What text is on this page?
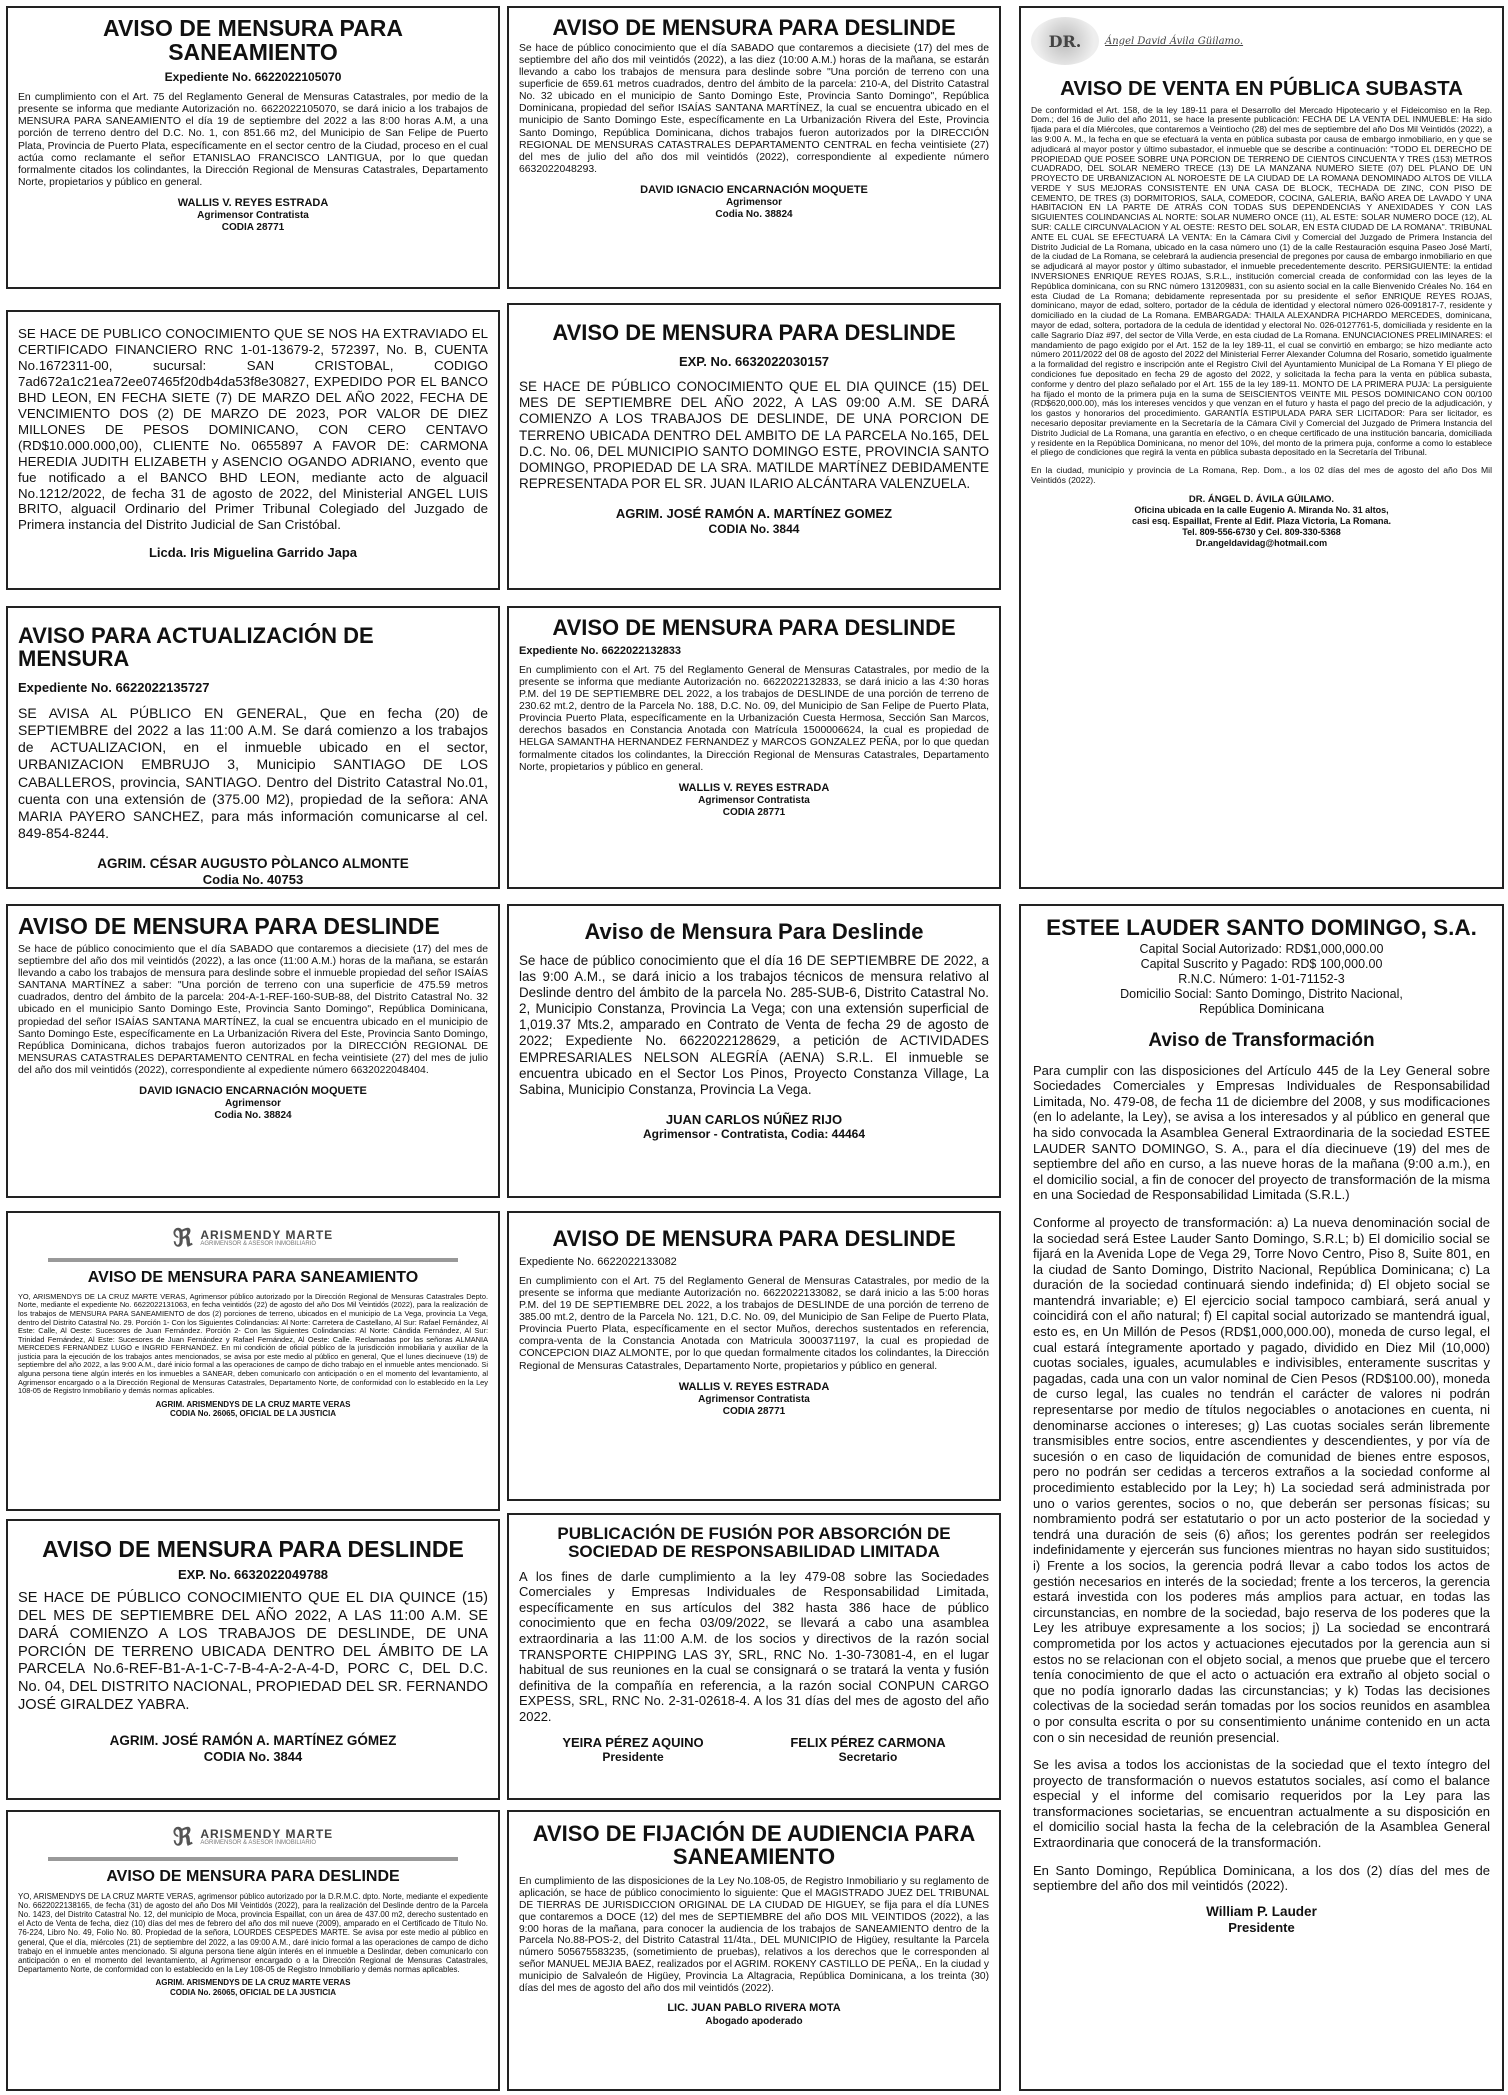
AVISO DE MENSURA PARA SANEAMIENTO
Expediente No. 6622022105070
En cumplimiento con el Art. 75 del Reglamento General de Mensuras Catastrales, por medio de la presente se informa que mediante Autorización no. 6622022105070, se dará inicio a los trabajos de MENSURA PARA SANEAMIENTO el día 19 de septiembre del 2022 a las 8:00 horas A.M, a una porción de terreno dentro del D.C. No. 1, con 851.66 m2, del Municipio de San Felipe de Puerto Plata, Provincia de Puerto Plata, específicamente en el sector centro de la Ciudad, proceso en el cual actúa como reclamante el señor ETANISLAO FRANCISCO LANTIGUA, por lo que quedan formalmente citados los colindantes, la Dirección Regional de Mensuras Catastrales, Departamento Norte, propietarios y público en general.
WALLIS V. REYES ESTRADA
Agrimensor Contratista
CODIA 28771
SE HACE DE PUBLICO CONOCIMIENTO QUE SE NOS HA EXTRAVIADO EL CERTIFICADO FINANCIERO RNC 1-01-13679-2, 572397, No. B, CUENTA No.1672311-00, sucursal: SAN CRISTOBAL, CODIGO 7ad672a1c21ea72ee07465f20db4da53f8e30827, EXPEDIDO POR EL BANCO BHD LEON, EN FECHA SIETE (7) DE MARZO DEL AÑO 2022, FECHA DE VENCIMIENTO DOS (2) DE MARZO DE 2023, POR VALOR DE DIEZ MILLONES DE PESOS DOMINICANO, CON CERO CENTAVO (RD$10.000.000,00), CLIENTE No. 0655897 A FAVOR DE: CARMONA HEREDIA JUDITH ELIZABETH y ASENCIO OGANDO ADRIANO, evento que fue notificado a el BANCO BHD LEON, mediante acto de alguacil No.1212/2022, de fecha 31 de agosto de 2022, del Ministerial ANGEL LUIS BRITO, alguacil Ordinario del Primer Tribunal Colegiado del Juzgado de Primera instancia del Distrito Judicial de San Cristóbal.
Licda. Iris Miguelina Garrido Japa
AVISO PARA ACTUALIZACIÓN DE MENSURA
Expediente No. 6622022135727
SE AVISA AL PÚBLICO EN GENERAL, Que en fecha (20) de SEPTIEMBRE del 2022 a las 11:00 A.M. Se dará comienzo a los trabajos de ACTUALIZACION, en el inmueble ubicado en el sector, URBANIZACION EMBRUJO 3, Municipio SANTIAGO DE LOS CABALLEROS, provincia, SANTIAGO. Dentro del Distrito Catastral No.01, cuenta con una extensión de (375.00 M2), propiedad de la señora: ANA MARIA PAYERO SANCHEZ, para más información comunicarse al cel. 849-854-8244.
AGRIM. CÉSAR AUGUSTO PÒLANCO ALMONTE
Codia No. 40753
AVISO DE MENSURA PARA DESLINDE
Se hace de público conocimiento que el día SABADO que contaremos a diecisiete (17) del mes de septiembre del año dos mil veintidós (2022), a las once (11:00 A.M.) horas de la mañana, se estarán llevando a cabo los trabajos de mensura para deslinde sobre el inmueble propiedad del señor ISAÍAS SANTANA MARTÍNEZ a saber: "Una porción de terreno con una superficie de 475.59 metros cuadrados, dentro del ámbito de la parcela: 204-A-1-REF-160-SUB-88, del Distrito Catastral No. 32 ubicado en el municipio Santo Domingo Este, Provincia Santo Domingo", República Dominicana, propiedad del señor ISAÍAS SANTANA MARTÍNEZ, la cual se encuentra ubicado en el municipio de Santo Domingo Este, específicamente en La Urbanización Rivera del Este, Provincia Santo Domingo, República Dominicana, dichos trabajos fueron autorizados por la DIRECCIÓN REGIONAL DE MENSURAS CATASTRALES DEPARTAMENTO CENTRAL en fecha veintisiete (27) del mes de julio del año dos mil veintidós (2022), correspondiente al expediente número 6632022048404.
DAVID IGNACIO ENCARNACIÓN MOQUETE
Agrimensor
Codia No. 38824
ℜ ARISMENDY MARTE
AGRIMENSOR & ASESOR INMOBILIARIO
AVISO DE MENSURA PARA SANEAMIENTO
YO, ARISMENDYS DE LA CRUZ MARTE VERAS, Agrimensor público autorizado por la Dirección Regional de Mensuras Catastrales Depto. Norte, mediante el expediente No. 6622022131063, en fecha veintidós (22) de agosto del año Dos Mil Veintidós (2022), para la realización de los trabajos de MENSURA PARA SANEAMIENTO de dos (2) porciones de terreno, ubicados en el municipio de La Vega, provincia La Vega, dentro del Distrito Catastral No. 29. Porción 1- Con los Siguientes Colindancias: Al Norte: Carretera de Castellano, Al Sur: Rafael Fernández, Al Este: Calle, Al Oeste: Sucesores de Juan Fernández. Porción 2- Con las Siguientes Colindancias: Al Norte: Cándida Fernández, Al Sur: Trinidad Fernández, Al Este: Sucesores de Juan Fernández y Rafael Fernández, Al Oeste: Calle. Reclamadas por las señoras ALMANIA MERCEDES FERNANDEZ LUGO e INGRID FERNANDEZ. En mi condición de oficial público de la jurisdicción inmobiliaria y auxiliar de la justicia para la ejecución de los trabajos antes mencionados, se avisa por este medio al público en general, Que el lunes diecinueve (19) de septiembre del año 2022, a las 9:00 A.M., daré inicio formal a las operaciones de campo de dicho trabajo en el inmueble antes mencionado. Si alguna persona tiene algún interés en los inmuebles a SANEAR, deben comunicarlo con anticipación o en el momento del levantamiento, al Agrimensor encargado o a la Dirección Regional de Mensuras Catastrales, Departamento Norte, de conformidad con lo establecido en la Ley 108-05 de Registro Inmobiliario y demás normas aplicables.
AGRIM. ARISMENDYS DE LA CRUZ MARTE VERAS
CODIA No. 26065, OFICIAL DE LA JUSTICIA
AVISO DE MENSURA PARA DESLINDE
EXP. No. 6632022049788
SE HACE DE PÚBLICO CONOCIMIENTO QUE EL DIA QUINCE (15) DEL MES DE SEPTIEMBRE DEL AÑO 2022, A LAS 11:00 A.M. SE DARÁ COMIENZO A LOS TRABAJOS DE DESLINDE, DE UNA PORCIÓN DE TERRENO UBICADA DENTRO DEL ÁMBITO DE LA PARCELA No.6-REF-B1-A-1-C-7-B-4-A-2-A-4-D, PORC C, DEL D.C. No. 04, DEL DISTRITO NACIONAL, PROPIEDAD DEL SR. FERNANDO JOSÉ GIRALDEZ YABRA.
AGRIM. JOSÉ RAMÓN A. MARTÍNEZ GÓMEZ
CODIA No. 3844
ℜ ARISMENDY MARTE
AGRIMENSOR & ASESOR INMOBILIARIO
AVISO DE MENSURA PARA DESLINDE
YO, ARISMENDYS DE LA CRUZ MARTE VERAS, agrimensor público autorizado por la D.R.M.C. dpto. Norte, mediante el expediente No. 6622022138165, de fecha (31) de agosto del año Dos Mil Veintidós (2022), para la realización del Deslinde dentro de la Parcela No. 1423, del Distrito Catastral No. 12, del municipio de Moca, provincia Espaillat, con un área de 437.00 m2, derecho sustentado en el Acto de Venta de fecha, diez (10) días del mes de febrero del año dos mil nueve (2009), amparado en el Certificado de Título No. 76-224, Libro No. 49, Folio No. 80. Propiedad de la señora, LOURDES CESPEDES MARTE. Se avisa por este medio al público en general, Que el día, miércoles (21) de septiembre del 2022, a las 09:00 A.M., daré inicio formal a las operaciones de campo de dicho trabajo en el inmueble antes mencionado. Si alguna persona tiene algún interés en el inmueble a Deslindar, deben comunicarlo con anticipación o en el momento del levantamiento, al Agrimensor encargado o a la Dirección Regional de Mensuras Catastrales, Departamento Norte, de conformidad con lo establecido en la Ley 108-05 de Registro Inmobiliario y demás normas aplicables.
AGRIM. ARISMENDYS DE LA CRUZ MARTE VERAS
CODIA No. 26065, OFICIAL DE LA JUSTICIA
AVISO DE MENSURA PARA DESLINDE
Se hace de público conocimiento que el día SABADO que contaremos a diecisiete (17) del mes de septiembre del año dos mil veintidós (2022), a las diez (10:00 A.M.) horas de la mañana, se estarán llevando a cabo los trabajos de mensura para deslinde sobre "Una porción de terreno con una superficie de 659.61 metros cuadrados, dentro del ámbito de la parcela: 210-A, del Distrito Catastral No. 32 ubicado en el municipio de Santo Domingo Este, Provincia Santo Domingo", República Dominicana, propiedad del señor ISAÍAS SANTANA MARTÍNEZ, la cual se encuentra ubicado en el municipio de Santo Domingo Este, específicamente en La Urbanización Rivera del Este, Provincia Santo Domingo, República Dominicana, dichos trabajos fueron autorizados por la DIRECCIÓN REGIONAL DE MENSURAS CATASTRALES DEPARTAMENTO CENTRAL en fecha veintisiete (27) del mes de julio del año dos mil veintidós (2022), correspondiente al expediente número 6632022048293.
DAVID IGNACIO ENCARNACIÓN MOQUETE
Agrimensor
Codia No. 38824
AVISO DE MENSURA PARA DESLINDE
EXP. No. 6632022030157
SE HACE DE PÚBLICO CONOCIMIENTO QUE EL DIA QUINCE (15) DEL MES DE SEPTIEMBRE DEL AÑO 2022, A LAS 09:00 A.M. SE DARÁ COMIENZO A LOS TRABAJOS DE DESLINDE, DE UNA PORCION DE TERRENO UBICADA DENTRO DEL AMBITO DE LA PARCELA No.165, DEL D.C. No. 06, DEL MUNICIPIO SANTO DOMINGO ESTE, PROVINCIA SANTO DOMINGO, PROPIEDAD DE LA SRA. MATILDE MARTÍNEZ DEBIDAMENTE REPRESENTADA POR EL SR. JUAN ILARIO ALCÁNTARA VALENZUELA.
AGRIM. JOSÉ RAMÓN A. MARTÍNEZ GOMEZ
CODIA No. 3844
AVISO DE MENSURA PARA DESLINDE
Expediente No. 6622022132833
En cumplimiento con el Art. 75 del Reglamento General de Mensuras Catastrales, por medio de la presente se informa que mediante Autorización no. 6622022132833, se dará inicio a las 4:30 horas P.M. del 19 DE SEPTIEMBRE DEL 2022, a los trabajos de DESLINDE de una porción de terreno de 230.62 mt.2, dentro de la Parcela No. 188, D.C. No. 09, del Municipio de San Felipe de Puerto Plata, Provincia Puerto Plata, específicamente en la Urbanización Cuesta Hermosa, Sección San Marcos, derechos basados en Constancia Anotada con Matrícula 1500006624, la cual es propiedad de HELGA SAMANTHA HERNANDEZ FERNANDEZ y MARCOS GONZALEZ PEÑA, por lo que quedan formalmente citados los colindantes, la Dirección Regional de Mensuras Catastrales, Departamento Norte, propietarios y público en general.
WALLIS V. REYES ESTRADA
Agrimensor Contratista
CODIA 28771
Aviso de Mensura Para Deslinde
Se hace de público conocimiento que el día 16 DE SEPTIEMBRE DE 2022, a las 9:00 A.M., se dará inicio a los trabajos técnicos de mensura relativo al Deslinde dentro del ámbito de la parcela No. 285-SUB-6, Distrito Catastral No. 2, Municipio Constanza, Provincia La Vega; con una extensión superficial de 1,019.37 Mts.2, amparado en Contrato de Venta de fecha 29 de agosto de 2022; Expediente No. 6622022128629, a petición de ACTIVIDADES EMPRESARIALES NELSON ALEGRÍA (AENA) S.R.L. El inmueble se encuentra ubicado en el Sector Los Pinos, Proyecto Constanza Village, La Sabina, Municipio Constanza, Provincia La Vega.
JUAN CARLOS NÚÑEZ RIJO
Agrimensor - Contratista, Codia: 44464
AVISO DE MENSURA PARA DESLINDE
Expediente No. 6622022133082
En cumplimiento con el Art. 75 del Reglamento General de Mensuras Catastrales, por medio de la presente se informa que mediante Autorización no. 6622022133082, se dará inicio a las 5:00 horas P.M. del 19 DE SEPTIEMBRE DEL 2022, a los trabajos de DESLINDE de una porción de terreno de 385.00 mt.2, dentro de la Parcela No. 121, D.C. No. 09, del Municipio de San Felipe de Puerto Plata, Provincia Puerto Plata, específicamente en el sector Muños, derechos sustentados en referencia, compra-venta de la Constancia Anotada con Matricula 3000371197, la cual es propiedad de CONCEPCION DIAZ ALMONTE, por lo que quedan formalmente citados los colindantes, la Dirección Regional de Mensuras Catastrales, Departamento Norte, propietarios y público en general.
WALLIS V. REYES ESTRADA
Agrimensor Contratista
CODIA 28771
PUBLICACIÓN DE FUSIÓN POR ABSORCIÓN DE SOCIEDAD DE RESPONSABILIDAD LIMITADA
A los fines de darle cumplimiento a la ley 479-08 sobre las Sociedades Comerciales y Empresas Individuales de Responsabilidad Limitada, específicamente en sus artículos del 382 hasta 386 hace de público conocimiento que en fecha 03/09/2022, se llevará a cabo una asamblea extraordinaria a las 11:00 A.M. de los socios y directivos de la razón social TRANSPORTE CHIPPING LAS 3Y, SRL, RNC No. 1-30-73081-4, en el lugar habitual de sus reuniones en la cual se consignará o se tratará la venta y fusión definitiva de la compañía en referencia, a la razón social CONPUN CARGO EXPESS, SRL, RNC No. 2-31-02618-4. A los 31 días del mes de agosto del año 2022.
YEIRA PÉREZ AQUINO
Presidente
FELIX PÉREZ CARMONA
Secretario
AVISO DE FIJACIÓN DE AUDIENCIA PARA SANEAMIENTO
En cumplimiento de las disposiciones de la Ley No.108-05, de Registro Inmobiliario y su reglamento de aplicación, se hace de público conocimiento lo siguiente: Que el MAGISTRADO JUEZ DEL TRIBUNAL DE TIERRAS DE JURISDICCION ORIGINAL DE LA CIUDAD DE HIGUEY, se fija para el día LUNES que contaremos a DOCE (12) del mes de SEPTIEMBRE del año DOS MIL VEINTIDOS (2022), a las 9:00 horas de la mañana, para conocer la audiencia de los trabajos de SANEAMIENTO dentro de la Parcela No.88-POS-2, del Distrito Catastral 11/4ta., DEL MUNICIPIO de Higüey, resultante la Parcela número 505675583235, (sometimiento de pruebas), relativos a los derechos que le corresponden al señor MANUEL MEJIA BAEZ, realizados por el AGRIM. ROKENY CASTILLO DE PEÑA,. En la ciudad y municipio de Salvaleón de Higüey, Provincia La Altagracia, República Dominicana, a los treinta (30) días del mes de agosto del año dos mil veintidós (2022).
LIC. JUAN PABLO RIVERA MOTA
Abogado apoderado
DR. Ángel David Ávila Güilamo.
AVISO DE VENTA EN PÚBLICA SUBASTA
De conformidad el Art. 158, de la ley 189-11 para el Desarrollo del Mercado Hipotecario y el Fideicomiso en la Rep. Dom.; del 16 de Julio del año 2011, se hace la presente publicación: FECHA DE LA VENTA DEL INMUEBLE: Ha sido fijada para el día Miércoles, que contaremos a Veintiocho (28) del mes de septiembre del año Dos Mil Veintidós (2022), a las 9:00 A. M., la fecha en que se efectuará la venta en pública subasta por causa de embargo inmobiliario, en y que se adjudicará al mayor postor y último subastador, el inmueble que se describe a continuación: "TODO EL DERECHO DE PROPIEDAD QUE POSEE SOBRE UNA PORCION DE TERRENO DE CIENTOS CINCUENTA Y TRES (153) METROS CUADRADO, DEL SOLAR NEMERO TRECE (13) DE LA MANZANA NUMERO SIETE (07) DEL PLANO DE UN PROYECTO DE URBANIZACION AL NOROESTE DE LA CIUDAD DE LA ROMANA DENOMINADO ALTOS DE VILLA VERDE Y SUS MEJORAS CONSISTENTE EN UNA CASA DE BLOCK, TECHADA DE ZINC, CON PISO DE CEMENTO, DE TRES (3) DORMITORIOS, SALA, COMEDOR, COCINA, GALERIA, BAÑO AREA DE LAVADO Y UNA HABITACION EN LA PARTE DE ATRÁS CON TODAS SUS DEPENDENCIAS Y ANEXIDADES Y CON LAS SIGUIENTES COLINDANCIAS AL NORTE: SOLAR NUMERO ONCE (11), AL ESTE: SOLAR NUMERO DOCE (12), AL SUR: CALLE CIRCUNVALACION Y AL OESTE: RESTO DEL SOLAR, EN ESTA CIUDAD DE LA ROMANA". TRIBUNAL ANTE EL CUAL SE EFECTUARÁ LA VENTA: En la Cámara Civil y Comercial del Juzgado de Primera Instancia del Distrito Judicial de La Romana, ubicado en la casa número uno (1) de la calle Restauración esquina Paseo José Martí, de la ciudad de La Romana, se celebrará la audiencia presencial de pregones por causa de embargo inmobiliario en que se adjudicará al mayor postor y último subastador, el inmueble precedentemente descrito. PERSIGUIENTE: la entidad INVERSIONES ENRIQUE REYES ROJAS, S.R.L., institución comercial creada de conformidad con las leyes de la República dominicana, con su RNC número 131209831, con su asiento social en la calle Bienvenido Créales No. 164 en esta Ciudad de La Romana; debidamente representada por su presidente el señor ENRIQUE REYES ROJAS, dominicano, mayor de edad, soltero, portador de la cédula de identidad y electoral número 026-0091817-7, residente y domiciliado en la ciudad de La Romana. EMBARGADA: THAILA ALEXANDRA PICHARDO MERCEDES, dominicana, mayor de edad, soltera, portadora de la cedula de identidad y electoral No. 026-0127761-5, domiciliada y residente en la calle Sagrario Díaz #97, del sector de Villa Verde, en esta ciudad de La Romana. ENUNCIACIONES PRELIMINARES: el mandamiento de pago exigido por el Art. 152 de la ley 189-11, el cual se convirtió en embargo; se hizo mediante acto número 2011/2022 del 08 de agosto del 2022 del Ministerial Ferrer Alexander Columna del Rosario, sometido igualmente a la formalidad del registro e inscripción ante el Registro Civil del Ayuntamiento Municipal de La Romana Y El pliego de condiciones fue depositado en fecha 29 de agosto del 2022, y solicitada la fecha para la venta en pública subasta, conforme y dentro del plazo señalado por el Art. 155 de la ley 189-11. MONTO DE LA PRIMERA PUJA: La persiguiente ha fijado el monto de la primera puja en la suma de SEISCIENTOS VEINTE MIL PESOS DOMINICANO CON 00/100 (RD$620,000.00), más los intereses vencidos y que venzan en el futuro y hasta el pago del precio de la adjudicación, y los gastos y honorarios del procedimiento. GARANTÍA ESTIPULADA PARA SER LICITADOR: Para ser licitador, es necesario depositar previamente en la Secretaría de la Cámara Civil y Comercial del Juzgado de Primera Instancia del Distrito Judicial de La Romana, una garantía en efectivo, o en cheque certificado de una institución bancaria, domiciliada y residente en la República Dominicana, no menor del 10%, del monto de la primera puja, conforme a como lo establece el pliego de condiciones que regirá la venta en pública subasta depositado en la Secretaría del Tribunal.
En la ciudad, municipio y provincia de La Romana, Rep. Dom., a los 02 días del mes de agosto del año Dos Mil Veintidós (2022).
DR. ÁNGEL D. ÁVILA GÜILAMO.
Oficina ubicada en la calle Eugenio A. Miranda No. 31 altos,
casi esq. Espaillat, Frente al Edif. Plaza Victoria, La Romana.
Tel. 809-556-6730 y Cel. 809-330-5368
Dr.angeldavidag@hotmail.com
ESTEE LAUDER SANTO DOMINGO, S.A.
Capital Social Autorizado: RD$1,000,000.00
Capital Suscrito y Pagado: RD$ 100,000.00
R.N.C. Número: 1-01-71152-3
Domicilio Social: Santo Domingo, Distrito Nacional,
República Dominicana
Aviso de Transformación
Para cumplir con las disposiciones del Artículo 445 de la Ley General sobre Sociedades Comerciales y Empresas Individuales de Responsabilidad Limitada, No. 479-08, de fecha 11 de diciembre del 2008, y sus modificaciones (en lo adelante, la Ley), se avisa a los interesados y al público en general que ha sido convocada la Asamblea General Extraordinaria de la sociedad ESTEE LAUDER SANTO DOMINGO, S. A., para el día diecinueve (19) del mes de septiembre del año en curso, a las nueve horas de la mañana (9:00 a.m.), en el domicilio social, a fin de conocer del proyecto de transformación de la misma en una Sociedad de Responsabilidad Limitada (S.R.L.)
Conforme al proyecto de transformación: a) La nueva denominación social de la sociedad será Estee Lauder Santo Domingo, S.R.L; b) El domicilio social se fijará en la Avenida Lope de Vega 29, Torre Novo Centro, Piso 8, Suite 801, en la ciudad de Santo Domingo, Distrito Nacional, República Dominicana; c) La duración de la sociedad continuará siendo indefinida; d) El objeto social se mantendrá invariable; e) El ejercicio social tampoco cambiará, será anual y coincidirá con el año natural; f) El capital social autorizado se mantendrá igual, esto es, en Un Millón de Pesos (RD$1,000,000.00), moneda de curso legal, el cual estará íntegramente aportado y pagado, dividido en Diez Mil (10,000) cuotas sociales, iguales, acumulables e indivisibles, enteramente suscritas y pagadas, cada una con un valor nominal de Cien Pesos (RD$100.00), moneda de curso legal, las cuales no tendrán el carácter de valores ni podrán representarse por medio de títulos negociables o anotaciones en cuenta, ni denominarse acciones o intereses; g) Las cuotas sociales serán libremente transmisibles entre socios, entre ascendientes y descendientes, y por vía de sucesión o en caso de liquidación de comunidad de bienes entre esposos, pero no podrán ser cedidas a terceros extraños a la sociedad conforme al procedimiento establecido por la Ley; h) La sociedad será administrada por uno o varios gerentes, socios o no, que deberán ser personas físicas; su nombramiento podrá ser estatutario o por un acto posterior de la sociedad y tendrá una duración de seis (6) años; los gerentes podrán ser reelegidos indefinidamente y ejercerán sus funciones mientras no hayan sido sustituidos; i) Frente a los socios, la gerencia podrá llevar a cabo todos los actos de gestión necesarios en interés de la sociedad; frente a los terceros, la gerencia estará investida con los poderes más amplios para actuar, en todas las circunstancias, en nombre de la sociedad, bajo reserva de los poderes que la Ley les atribuye expresamente a los socios; j) La sociedad se encontrará comprometida por los actos y actuaciones ejecutados por la gerencia aun si estos no se relacionan con el objeto social, a menos que pruebe que el tercero tenía conocimiento de que el acto o actuación era extraño al objeto social o que no podía ignorarlo dadas las circunstancias; y k) Todas las decisiones colectivas de la sociedad serán tomadas por los socios reunidos en asamblea o por consulta escrita o por su consentimiento unánime contenido en un acta con o sin necesidad de reunión presencial.
Se les avisa a todos los accionistas de la sociedad que el texto íntegro del proyecto de transformación o nuevos estatutos sociales, así como el balance especial y el informe del comisario requeridos por la Ley para las transformaciones societarias, se encuentran actualmente a su disposición en el domicilio social hasta la fecha de la celebración de la Asamblea General Extraordinaria que conocerá de la transformación.
En Santo Domingo, República Dominicana, a los dos (2) días del mes de septiembre del año dos mil veintidós (2022).
William P. Lauder
Presidente
